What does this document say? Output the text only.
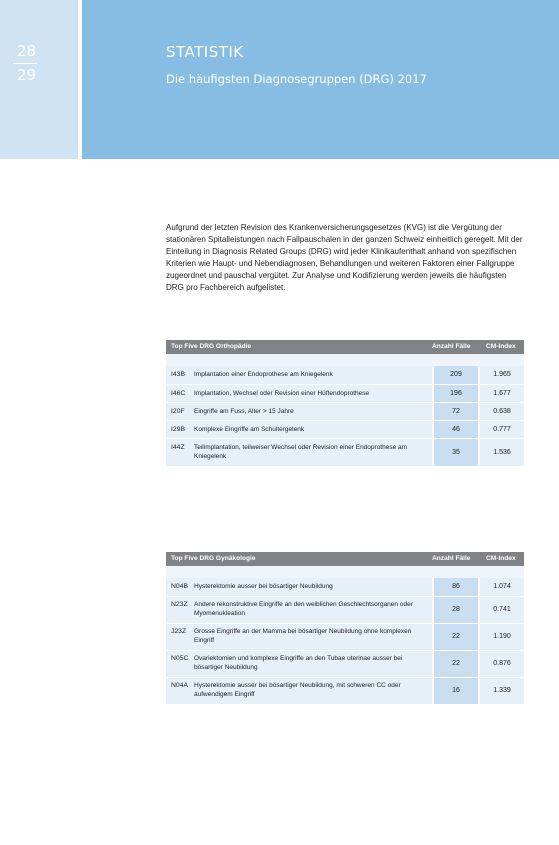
28
29
STATISTIK
Die häufigsten Diagnosegruppen (DRG) 2017

Aufgrund der letzten Revision des Krankenversicherungsgesetzes (KVG) ist die Vergütung der stationären Spitalleistungen nach Fallpauschalen in der ganzen Schweiz einheitlich geregelt. Mit der Einteilung in Diagnosis Related Groups (DRG) wird jeder Klinikaufenthalt anhand von spezifischen Kriterien wie Haupt- und Nebendiagnosen, Behandlungen und weiteren Faktoren einer Fallgruppe zugeordnet und pauschal vergütet. Zur Analyse und Kodifizierung werden jeweils die häufigsten DRG pro Fachbereich aufgelistet.

Top Five DRG Orthopädie	Anzahl Fälle CM-Index
I43B Implantation einer Endoprothese am Kniegelenk	209	1.965
I46C Implantation, Wechsel oder Revision einer Hüftendoprothese	196	1.677
I20F Eingriffe am Fuss, Alter > 15 Jahre	72	0.638
I29B Komplexe Eingriffe am Schultergelenk	46	0.777
I44Z Teilimplantation, teilweiser Wechsel oder Revision einer Endoprothese am Kniegelenk	35	1.536
Top Five DRG Gynäkologie	Anzahl Fälle CM-Index
N04B Hysterektomie ausser bei bösartiger Neubildung	86	1.074
N23Z Andere rekonstruktive Eingriffe an den weiblichen Geschlechtsorganen oder Myomenukleation	28	0.741
J23Z Grosse Eingriffe an der Mamma bei bösartiger Neubildung ohne komplexen Eingriff	22	1.190
N05C Ovariektomien und komplexe Eingriffe an den Tubae uterinae ausser bei bösartiger Neubildung	22	0.876
N04A Hysterektomie ausser bei bösartiger Neubildung, mit schweren CC oder aufwendigem Eingriff	16	1.339
